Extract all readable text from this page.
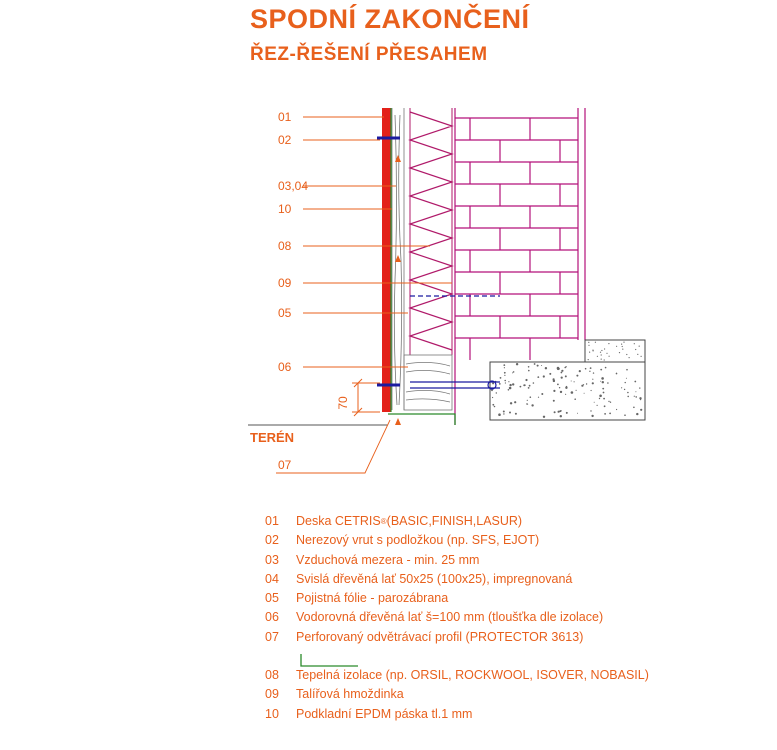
SPODNÍ ZAKONČENÍ
ŘEZ-ŘEŠENÍ PŘESAHEM
70
TERÉN
01
02
03,04
10
08
09
05
06
07
01	Deska CETRIS ® (BASIC,FINISH,LASUR)
02	Nerezový vrut s podložkou (np. SFS, EJOT)
03	Vzduchová mezera - min. 25 mm
04	Svislá dřevěná lať 50x25 (100x25), impregnovaná
05	Pojistná fólie - parozábrana
06	Vodorovná dřevěná lať š=100 mm (tloušťka dle izolace)
07	Perforovaný odvětrávací profil (PROTECTOR 3613)
08	Tepelná izolace (np. ORSIL, ROCKWOOL, ISOVER, NOBASIL)
09	Talířová hmoždinka
10	Podkladní EPDM páska tl.1 mm
